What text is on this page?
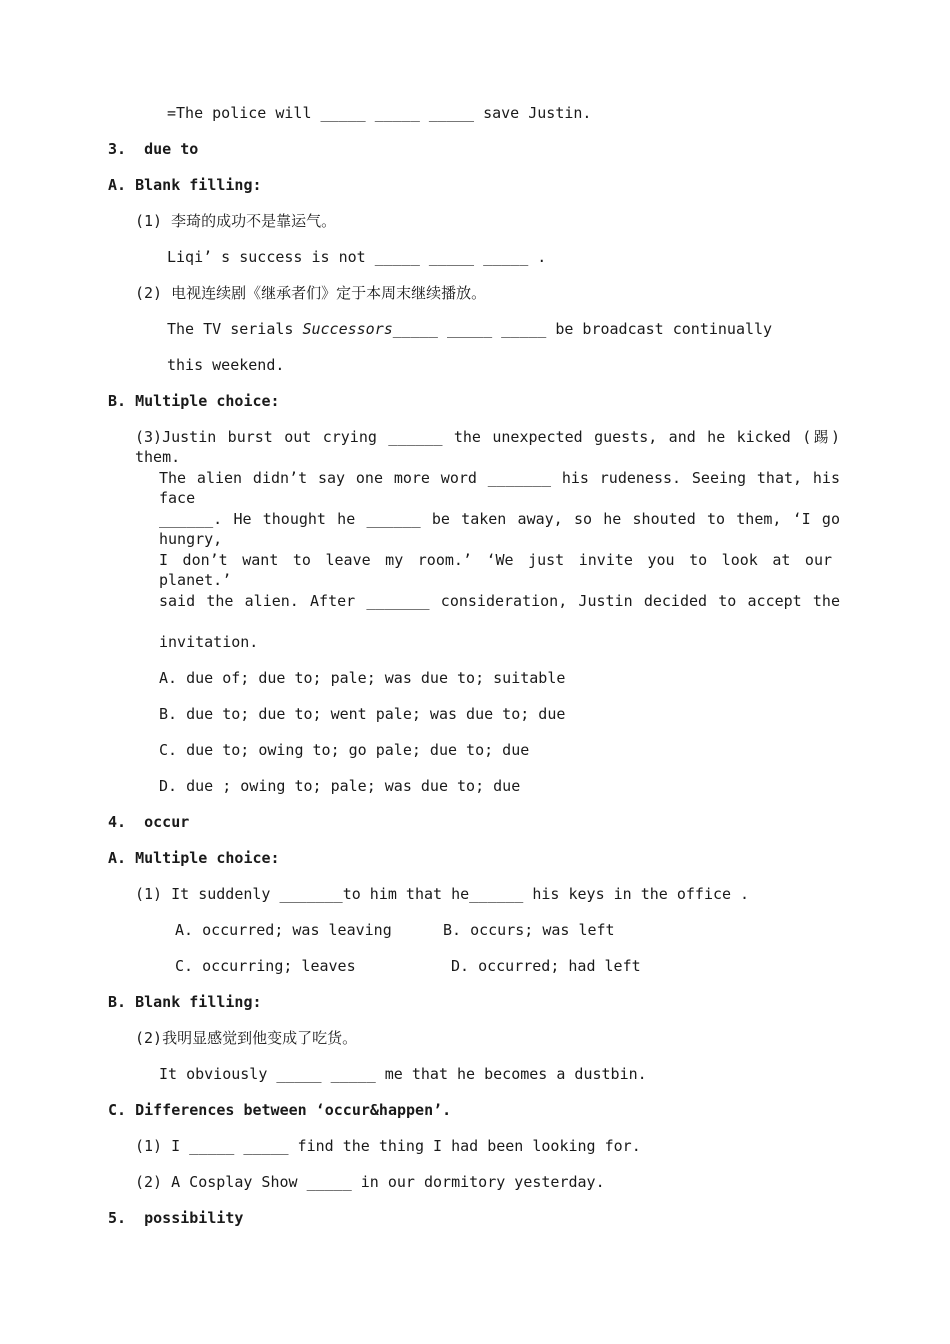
=The police will _____ _____ _____ save Justin.
3.  due to
A. Blank filling:
(1) 李琦的成功不是靠运气。
Liqi’ s success is not _____ _____ _____ .
(2) 电视连续剧《继承者们》定于本周末继续播放。
The TV serials Successors_____ _____ _____ be broadcast continually
this weekend.
B. Multiple choice:
(3)Justin burst out crying ______ the unexpected guests, and he kicked (踢) them.
The alien didn’t say one more word _______ his rudeness. Seeing that, his face
______. He thought he ______ be taken away, so he shouted to them, ‘I go hungry,
I don’t want to leave my room.’ ‘We just invite you to look at our planet.’
said the alien. After _______ consideration, Justin decided to accept the
invitation.
A. due of; due to; pale; was due to; suitable
B. due to; due to; went pale; was due to; due
C. due to; owing to; go pale; due to; due
D. due ; owing to; pale; was due to; due
4.  occur
A. Multiple choice:
(1) It suddenly _______to him that he______ his keys in the office .
A. occurred; was leaving	B. occurs; was left
C. occurring; leaves	D. occurred; had left
B. Blank filling:
(2)我明显感觉到他变成了吃货。
It obviously _____ _____ me that he becomes a dustbin.
C. Differences between ‘occur&happen’.
(1) I _____ _____ find the thing I had been looking for.
(2) A Cosplay Show _____ in our dormitory yesterday.
5.  possibility
